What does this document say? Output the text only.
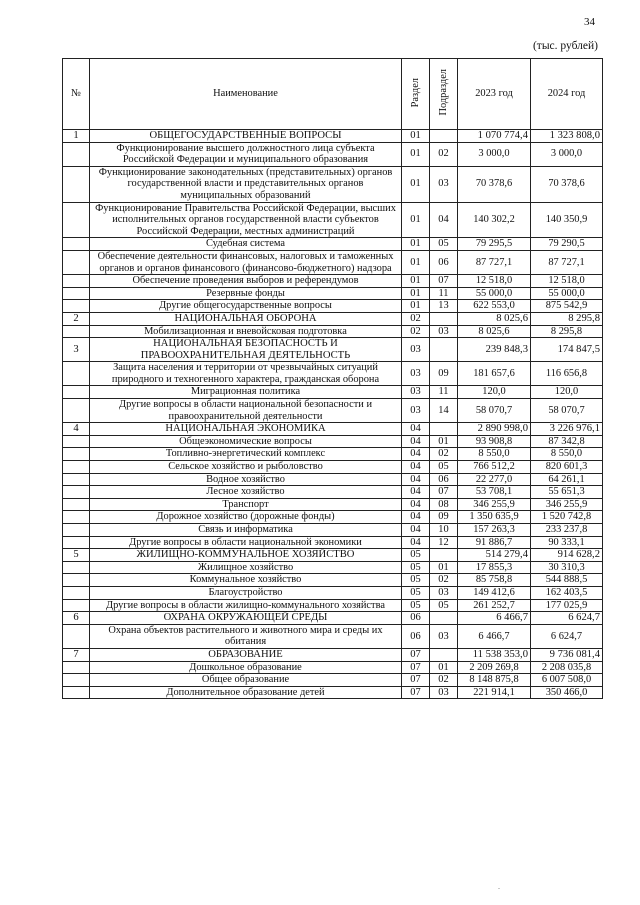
34
(тыс. рублей)
№	Наименование	Раздел	Подраздел	2023 год	2024 год
1	ОБЩЕГОСУДАРСТВЕННЫЕ ВОПРОСЫ	01		1 070 774,4	1 323 808,0
	Функционирование высшего должностного лица субъекта Российской Федерации и муниципального образования	01	02	3 000,0	3 000,0
	Функционирование законодательных (представительных) органов государственной власти и представительных органов муниципальных образований	01	03	70 378,6	70 378,6
	Функционирование Правительства Российской Федерации, высших исполнительных органов государственной власти субъектов Российской Федерации, местных администраций	01	04	140 302,2	140 350,9
	Судебная система	01	05	79 295,5	79 290,5
	Обеспечение деятельности финансовых, налоговых и таможенных органов и органов финансового (финансово-бюджетного) надзора	01	06	87 727,1	87 727,1
	Обеспечение проведения выборов и референдумов	01	07	12 518,0	12 518,0
	Резервные фонды	01	11	55 000,0	55 000,0
	Другие общегосударственные вопросы	01	13	622 553,0	875 542,9
2	НАЦИОНАЛЬНАЯ ОБОРОНА	02		8 025,6	8 295,8
	Мобилизационная и вневойсковая подготовка	02	03	8 025,6	8 295,8
3	НАЦИОНАЛЬНАЯ БЕЗОПАСНОСТЬ И ПРАВООХРАНИТЕЛЬНАЯ ДЕЯТЕЛЬНОСТЬ	03		239 848,3	174 847,5
	Защита населения и территории от чрезвычайных ситуаций природного и техногенного характера, гражданская оборона	03	09	181 657,6	116 656,8
	Миграционная политика	03	11	120,0	120,0
	Другие вопросы в области национальной безопасности и правоохранительной деятельности	03	14	58 070,7	58 070,7
4	НАЦИОНАЛЬНАЯ ЭКОНОМИКА	04		2 890 998,0	3 226 976,1
	Общеэкономические вопросы	04	01	93 908,8	87 342,8
	Топливно-энергетический комплекс	04	02	8 550,0	8 550,0
	Сельское хозяйство и рыболовство	04	05	766 512,2	820 601,3
	Водное хозяйство	04	06	22 277,0	64 261,1
	Лесное хозяйство	04	07	53 708,1	55 651,3
	Транспорт	04	08	346 255,9	346 255,9
	Дорожное хозяйство (дорожные фонды)	04	09	1 350 635,9	1 520 742,8
	Связь и информатика	04	10	157 263,3	233 237,8
	Другие вопросы в области национальной экономики	04	12	91 886,7	90 333,1
5	ЖИЛИЩНО-КОММУНАЛЬНОЕ ХОЗЯЙСТВО	05		514 279,4	914 628,2
	Жилищное хозяйство	05	01	17 855,3	30 310,3
	Коммунальное хозяйство	05	02	85 758,8	544 888,5
	Благоустройство	05	03	149 412,6	162 403,5
	Другие вопросы в области жилищно-коммунального хозяйства	05	05	261 252,7	177 025,9
6	ОХРАНА ОКРУЖАЮЩЕЙ СРЕДЫ	06		6 466,7	6 624,7
	Охрана объектов растительного и животного мира и среды их обитания	06	03	6 466,7	6 624,7
7	ОБРАЗОВАНИЕ	07		11 538 353,0	9 736 081,4
	Дошкольное образование	07	01	2 209 269,8	2 208 035,8
	Общее образование	07	02	8 148 875,8	6 007 508,0
	Дополнительное образование детей	07	03	221 914,1	350 466,0
.
